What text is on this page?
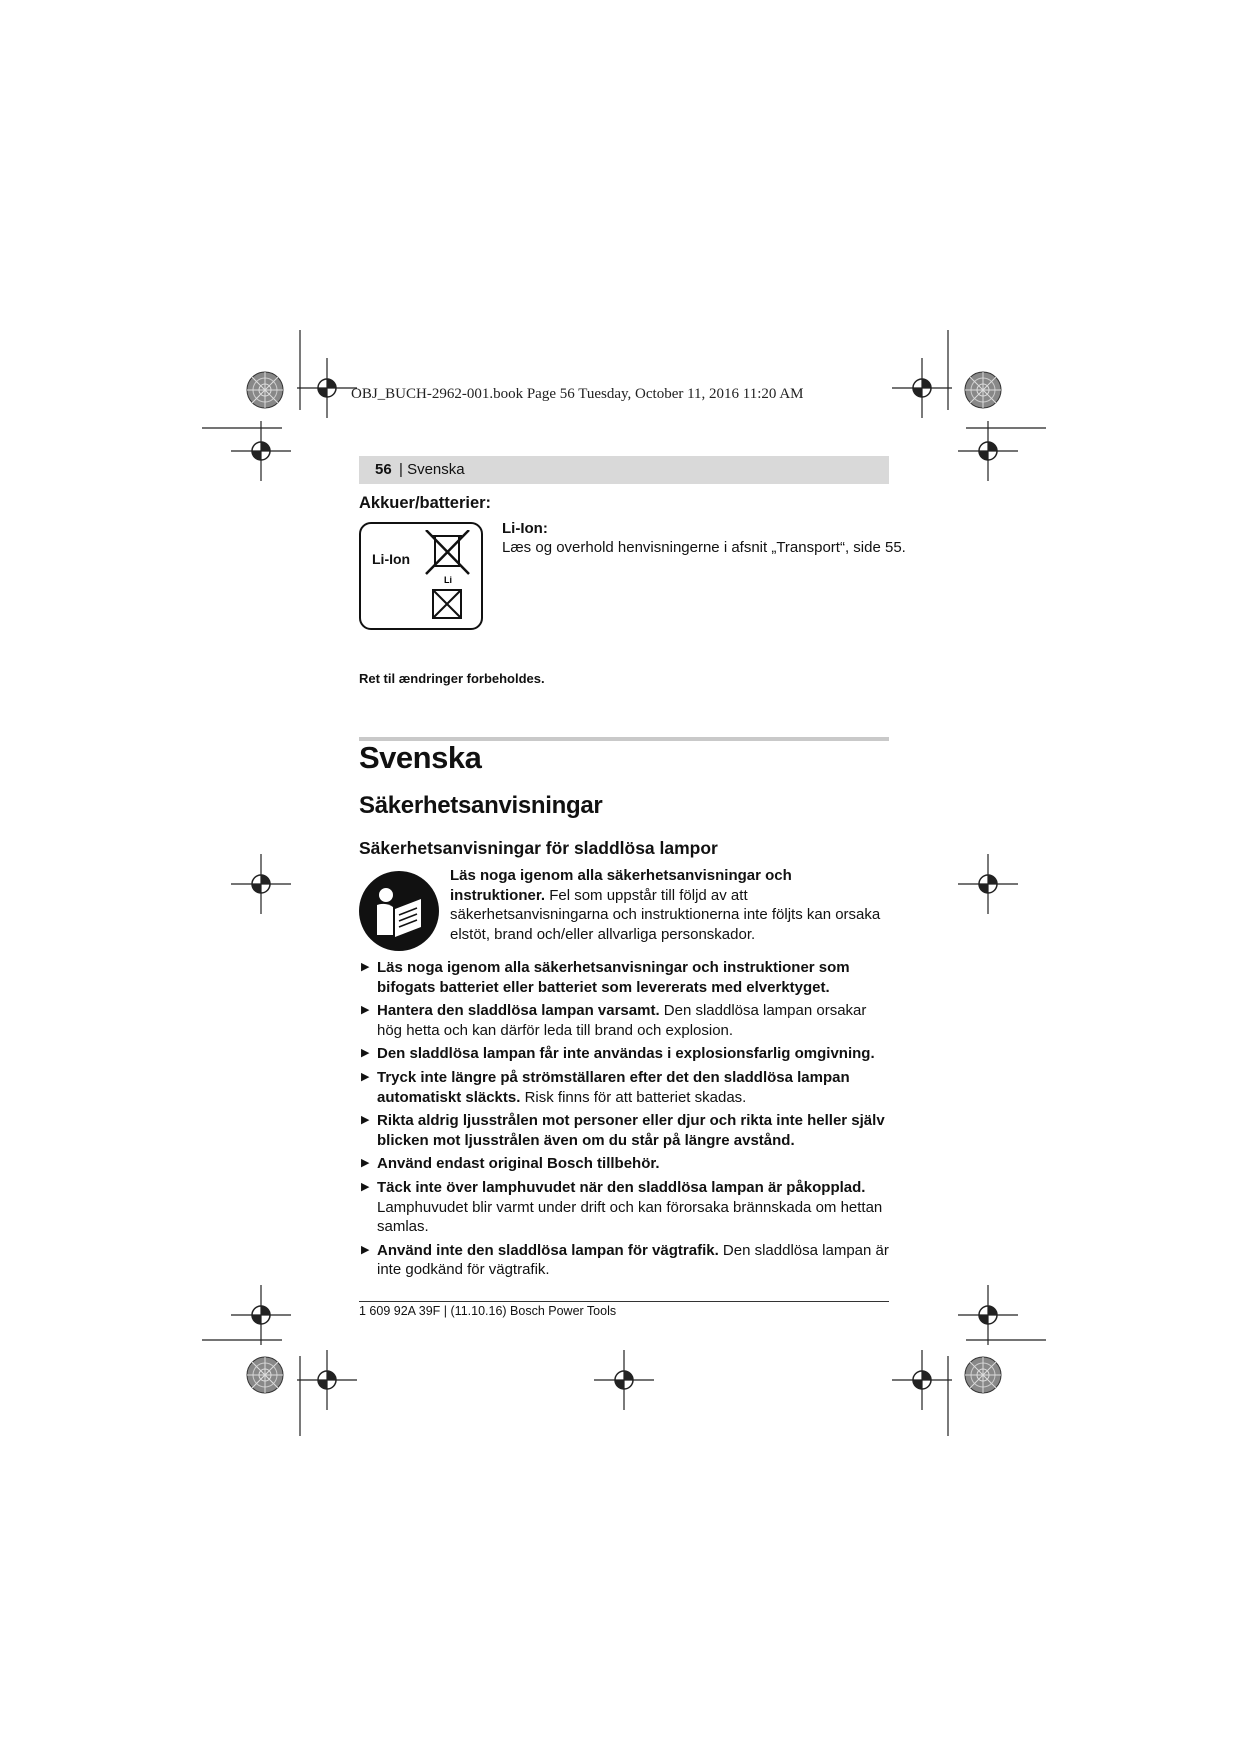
OBJ_BUCH-2962-001.book Page 56 Tuesday, October 11, 2016 11:20 AM
56 | Svenska
Akkuer/batterier:
Li-Ion
Li
Li-Ion:
Læs og overhold henvisningerne i afsnit „Transport“, side 55.
Ret til ændringer forbeholdes.
Svenska
Säkerhetsanvisningar
Säkerhetsanvisningar för sladdlösa lampor
Läs noga igenom alla säkerhetsanvisningar och instruktioner. Fel som uppstår till följd av att säkerhetsanvisningarna och instruktionerna inte följts kan orsaka elstöt, brand och/eller allvarliga personskador.
▶ Läs noga igenom alla säkerhetsanvisningar och instruktioner som bifogats batteriet eller batteriet som levererats med elverktyget.
▶ Hantera den sladdlösa lampan varsamt. Den sladdlösa lampan orsakar hög hetta och kan därför leda till brand och explosion.
▶ Den sladdlösa lampan får inte användas i explosionsfarlig omgivning.
▶ Tryck inte längre på strömställaren efter det den sladdlösa lampan automatiskt släckts. Risk finns för att batteriet skadas.
▶ Rikta aldrig ljusstrålen mot personer eller djur och rikta inte heller själv blicken mot ljusstrålen även om du står på längre avstånd.
▶ Använd endast original Bosch tillbehör.
▶ Täck inte över lamphuvudet när den sladdlösa lampan är påkopplad. Lamphuvudet blir varmt under drift och kan förorsaka brännskada om hettan samlas.
▶ Använd inte den sladdlösa lampan för vägtrafik. Den sladdlösa lampan är inte godkänd för vägtrafik.
1 609 92A 39F | (11.10.16) Bosch Power Tools
